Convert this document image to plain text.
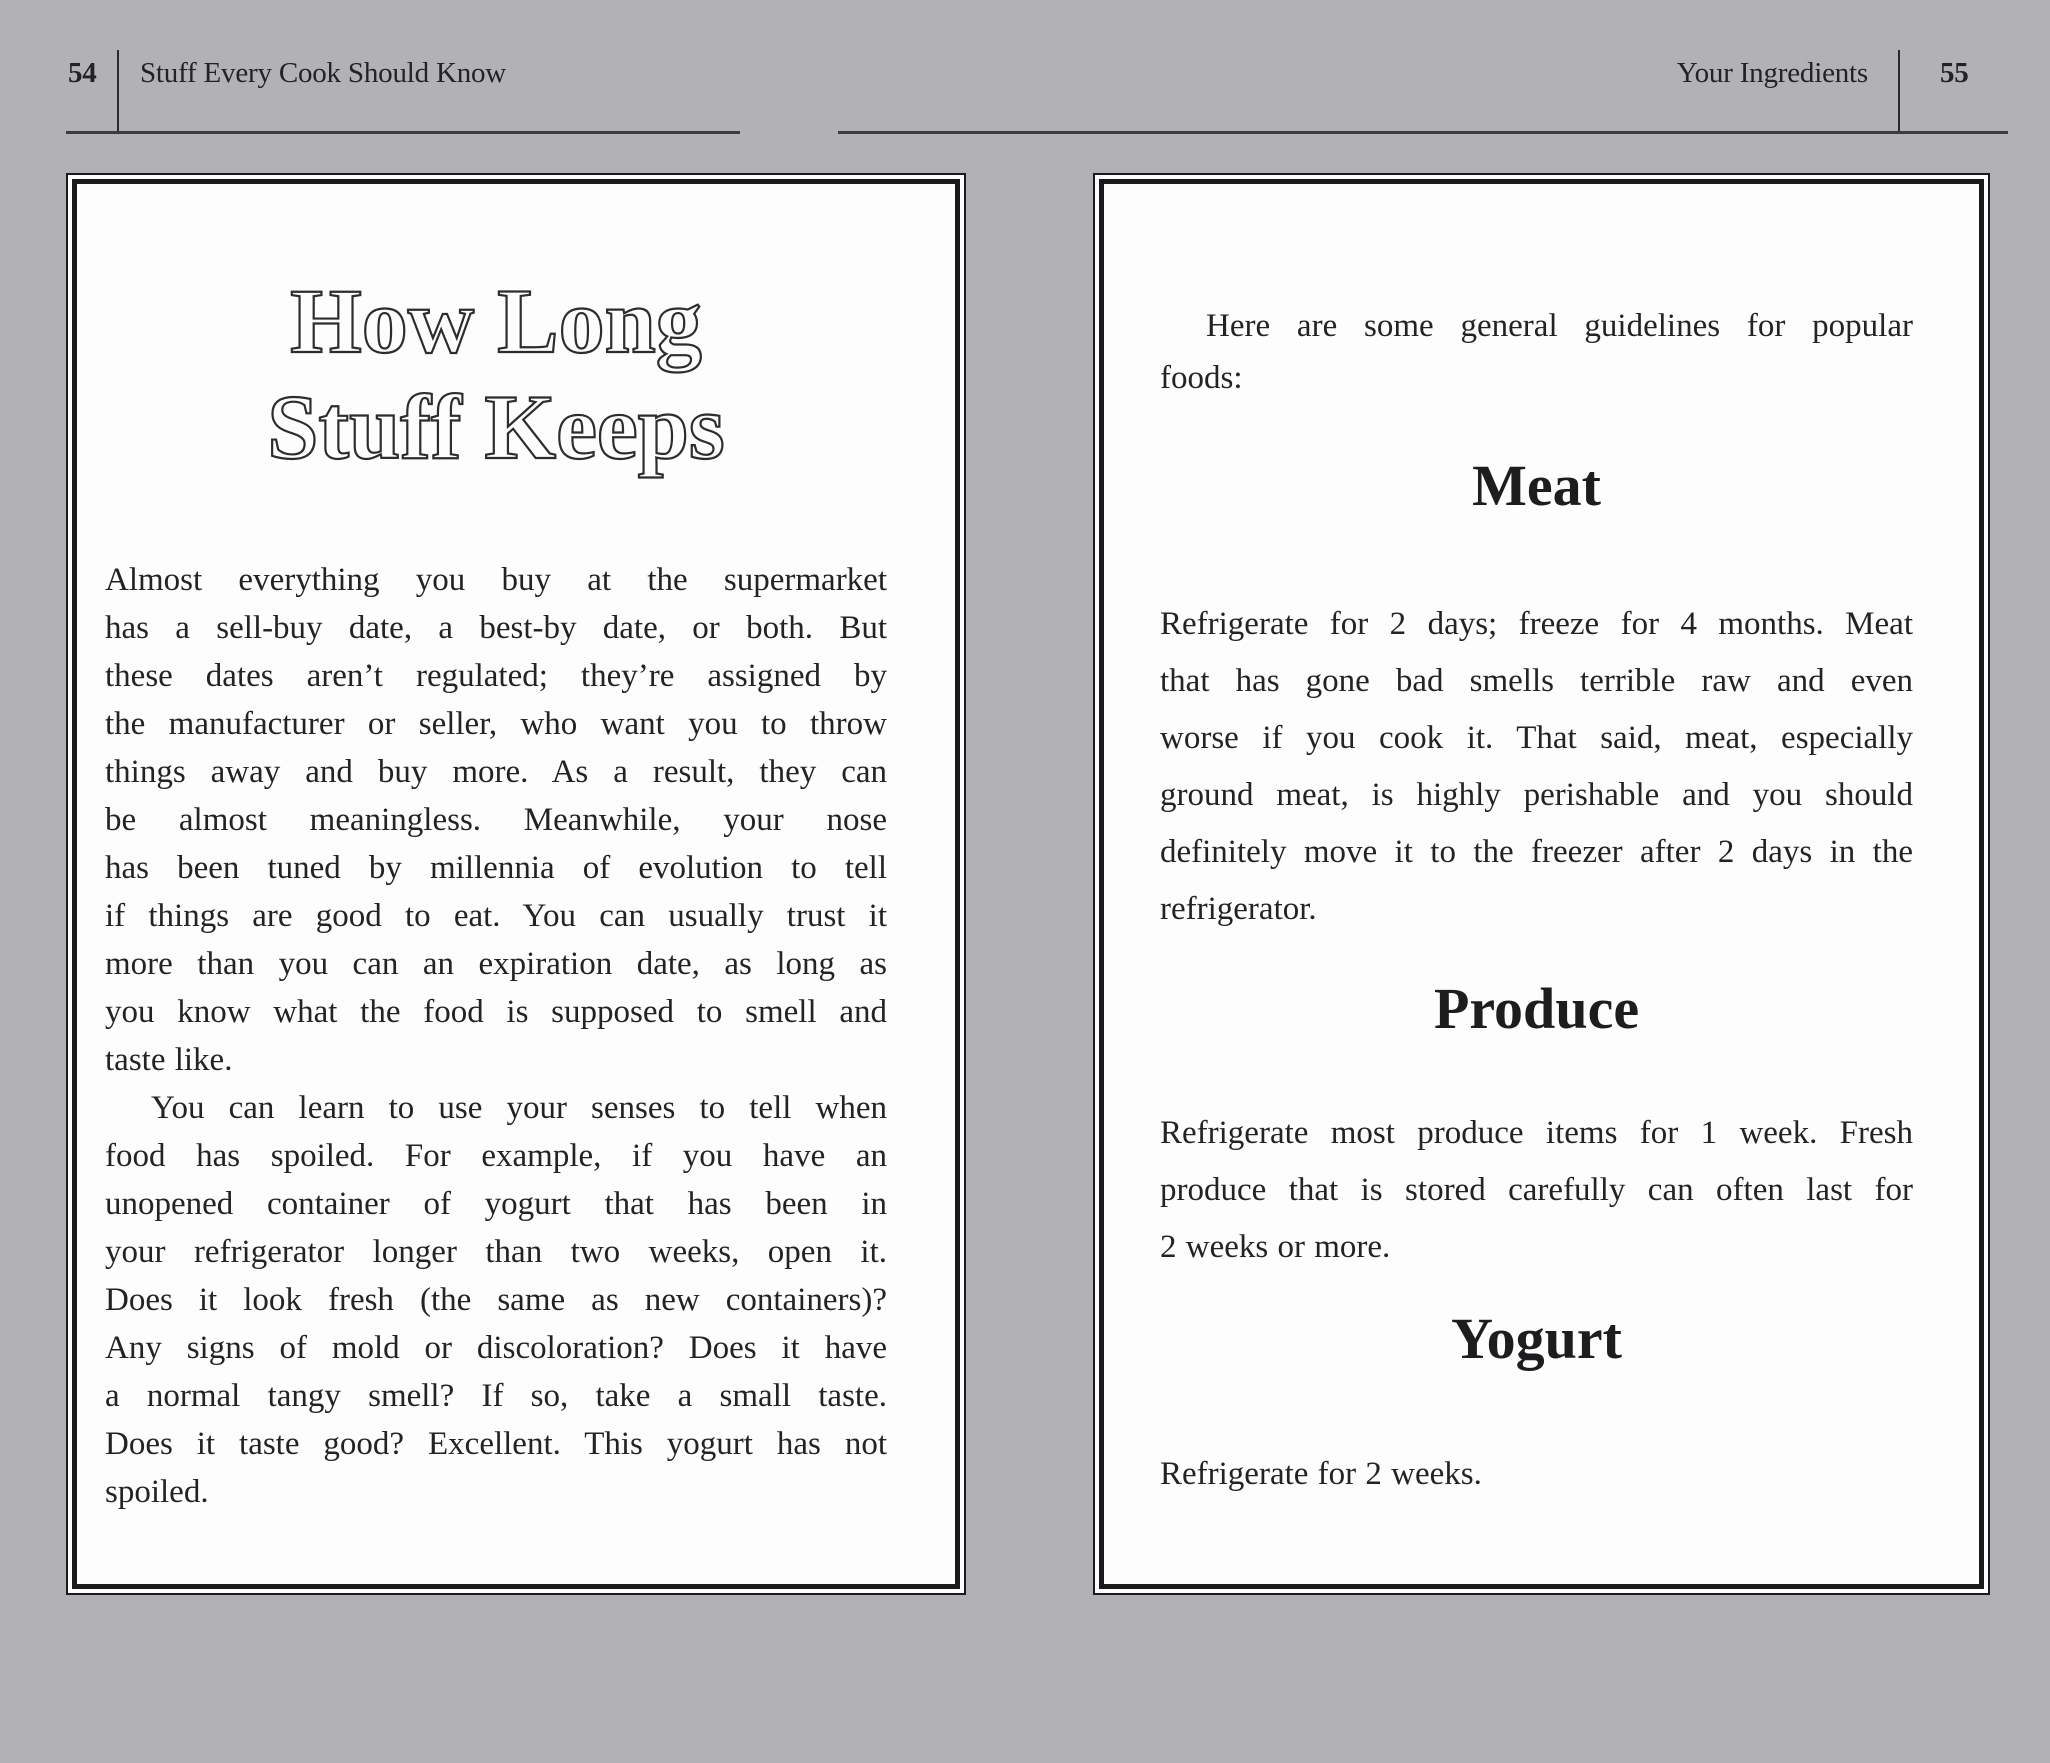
54 Stuff Every Cook Should Know	Your Ingredients 55
How Long
Stuff Keeps
Almost everything you buy at the supermarket
has a sell-buy date, a best-by date, or both. But
these dates aren’t regulated; they’re assigned by
the manufacturer or seller, who want you to throw
things away and buy more. As a result, they can
be almost meaningless. Meanwhile, your nose
has been tuned by millennia of evolution to tell
if things are good to eat. You can usually trust it
more than you can an expiration date, as long as
you know what the food is supposed to smell and
taste like.
You can learn to use your senses to tell when
food has spoiled. For example, if you have an
unopened container of yogurt that has been in
your refrigerator longer than two weeks, open it.
Does it look fresh (the same as new containers)?
Any signs of mold or discoloration? Does it have
a normal tangy smell? If so, take a small taste.
Does it taste good? Excellent. This yogurt has not
spoiled.
Here are some general guidelines for popular
foods:
Meat
Refrigerate for 2 days; freeze for 4 months. Meat
that has gone bad smells terrible raw and even
worse if you cook it. That said, meat, especially
ground meat, is highly perishable and you should
definitely move it to the freezer after 2 days in the
refrigerator.
Produce
Refrigerate most produce items for 1 week. Fresh
produce that is stored carefully can often last for
2 weeks or more.
Yogurt
Refrigerate for 2 weeks.
